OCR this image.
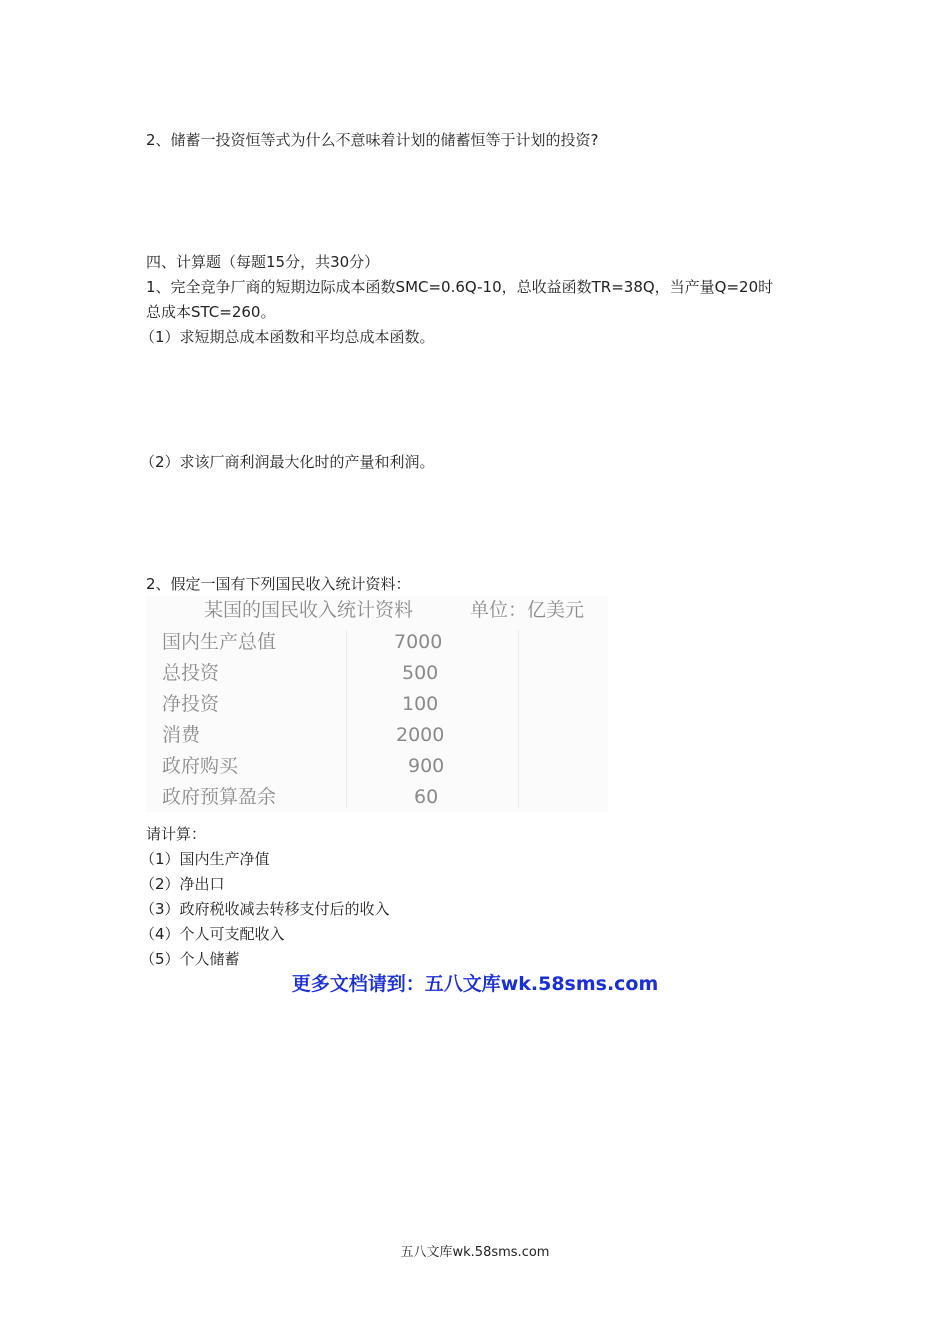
2、储蓄一投资恒等式为什么不意味着计划的储蓄恒等于计划的投资?
四、计算题（每题15分，共30分）
1、完全竞争厂商的短期边际成本函数SMC=0.6Q-10，总收益函数TR=38Q，当产量Q=20时
总成本STC=260。
（1）求短期总成本函数和平均总成本函数。
（2）求该厂商利润最大化时的产量和利润。
2、假定一国有下列国民收入统计资料：
某国的国民收入统计资料	单位：亿美元
国内生产总值	7000
总投资	500
净投资	100
消费	2000
政府购买	900
政府预算盈余	60
请计算：
（1）国内生产净值
（2）净出口
（3）政府税收减去转移支付后的收入
（4）个人可支配收入
（5）个人储蓄
更多文档请到：五八文库wk.58sms.com
五八文库wk.58sms.com
